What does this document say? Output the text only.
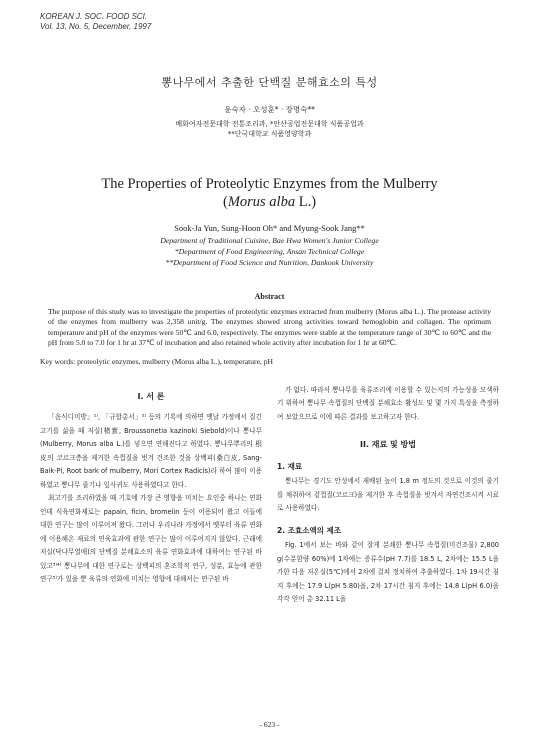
KOREAN J. SOC. FOOD SCI.
Vol. 13, No. 5, December, 1997
뽕나무에서 추출한 단백질 분해효소의 특성
윤숙자 · 오성훈* · 장명숙**
배화여자전문대학 전통조리과, *안산공업전문대학 식품공업과
**단국대학교 식품영양학과
The Properties of Proteolytic Enzymes from the Mulberry
(Morus alba L.)
Sook-Ja Yun, Sung-Hoon Oh* and Myung-Sook Jang**
Department of Traditional Cuisine, Bae Hwa Women's Junior College
*Department of Food Engineering, Ansan Technical College
**Department of Food Science and Nutrition, Dankook University
Abstract
The purpose of this study was to investigate the properties of proteolytic enzymes extracted from mulberry (Morus alba L.). The protease activity of the enzymes from mulberry was 2,358 unit/g. The enzymes showed strong activities toward hemoglobin and collagen. The optimum temperature and pH of the enzymes were 50℃ and 6.0, respectively. The enzymes were stable at the temperature range of 30℃ to 60℃ and the pH from 5.0 to 7.0 for 1 hr at 37℃ of incubation and also retained whole activity after incubation for 1 hr at 60℃.
Key words: proteolytic enzymes, mulberry (Morus alba L.), temperature, pH
I. 서 론

「음식디미방」¹⁾, 「규합총서」²⁾ 등의 기록에 의하면 옛날 가정에서 질긴 고기를 삶을 때 저실(楮實, Broussonetia kazinoki Siebold)이나 뽕나무(Mulberry, Morus alba L.)를 넣으면 연해진다고 하였다. 뽕나무뿌리의 根皮의 코르크층을 제거한 속껍질을 벗겨 건조한 것을 상백피(桑白皮, Sang-Baik-Pi, Root bark of mulberry, Mori Cortex Radicis)라 하여 많이 이용하였고 뽕나무 줄기나 잎사귀도 사용하였다고 한다.

최고기를 조리하였을 때 기호에 가장 큰 영향을 미치는 요인중 하나는 연화인데 식육연화제로는 papain, ficin, bromelin 등이 이용되어 왔고 이들에 대한 연구는 많이 이루어져 왔다. 그러나 우리나라 가정에서 옛부터 육류 연화에 이용해온 재료의 연육효과에 관한 연구는 많이 이루어지지 않았다. 근래에 저실(닥나무열매)의 단백질 분해효소의 육류 연화효과에 대하여는 연구된 바 있고³⁾⁴⁾ 뽕나무에 대한 연구로는 상백피의 혼조학적 연구, 성분, 효능에 관한 연구⁵⁾가 있을 뿐 육류의 연화에 미치는 영향에 대해서는 연구된 바

가 없다. 따라서 뽕나무를 육류조리에 이용할 수 있는지의 가능성을 모색하기 위하여 뽕나무 속껍질의 단백질 분해효소 활성도 및 몇 가지 특성을 측정하여 보았으므로 이에 따른 결과를 보고하고자 한다.

II. 재료 및 방법
1. 재료

뽕나무는 경기도 안성에서 재배된 높이 1.8 m 정도의 것으로 이것의 줄기를 채취하여 겉껍질(코르크)을 제거한 후 속껍질을 벗겨서 자연건조시켜 시료로 사용하였다.

2. 조효소액의 제조

Fig. 1에서 보는 바와 같이 잘게 분쇄한 뽕나무 속껍질(미건조물) 2,800 g(수분함량 60%)에 1차에는 증류수(pH 7.7)를 18.5 L, 2차에는 15.5 L을 가한 다음 저온실(5℃)에서 2차에 걸쳐 정치하여 추출하였다. 1차 19시간 침지 후에는 17.9 L(pH 5.80)을, 2차 17시간 침지 후에는 14.8 L(pH 6.0)을 각각 얻어 총 32.11 L을

- 623 -
